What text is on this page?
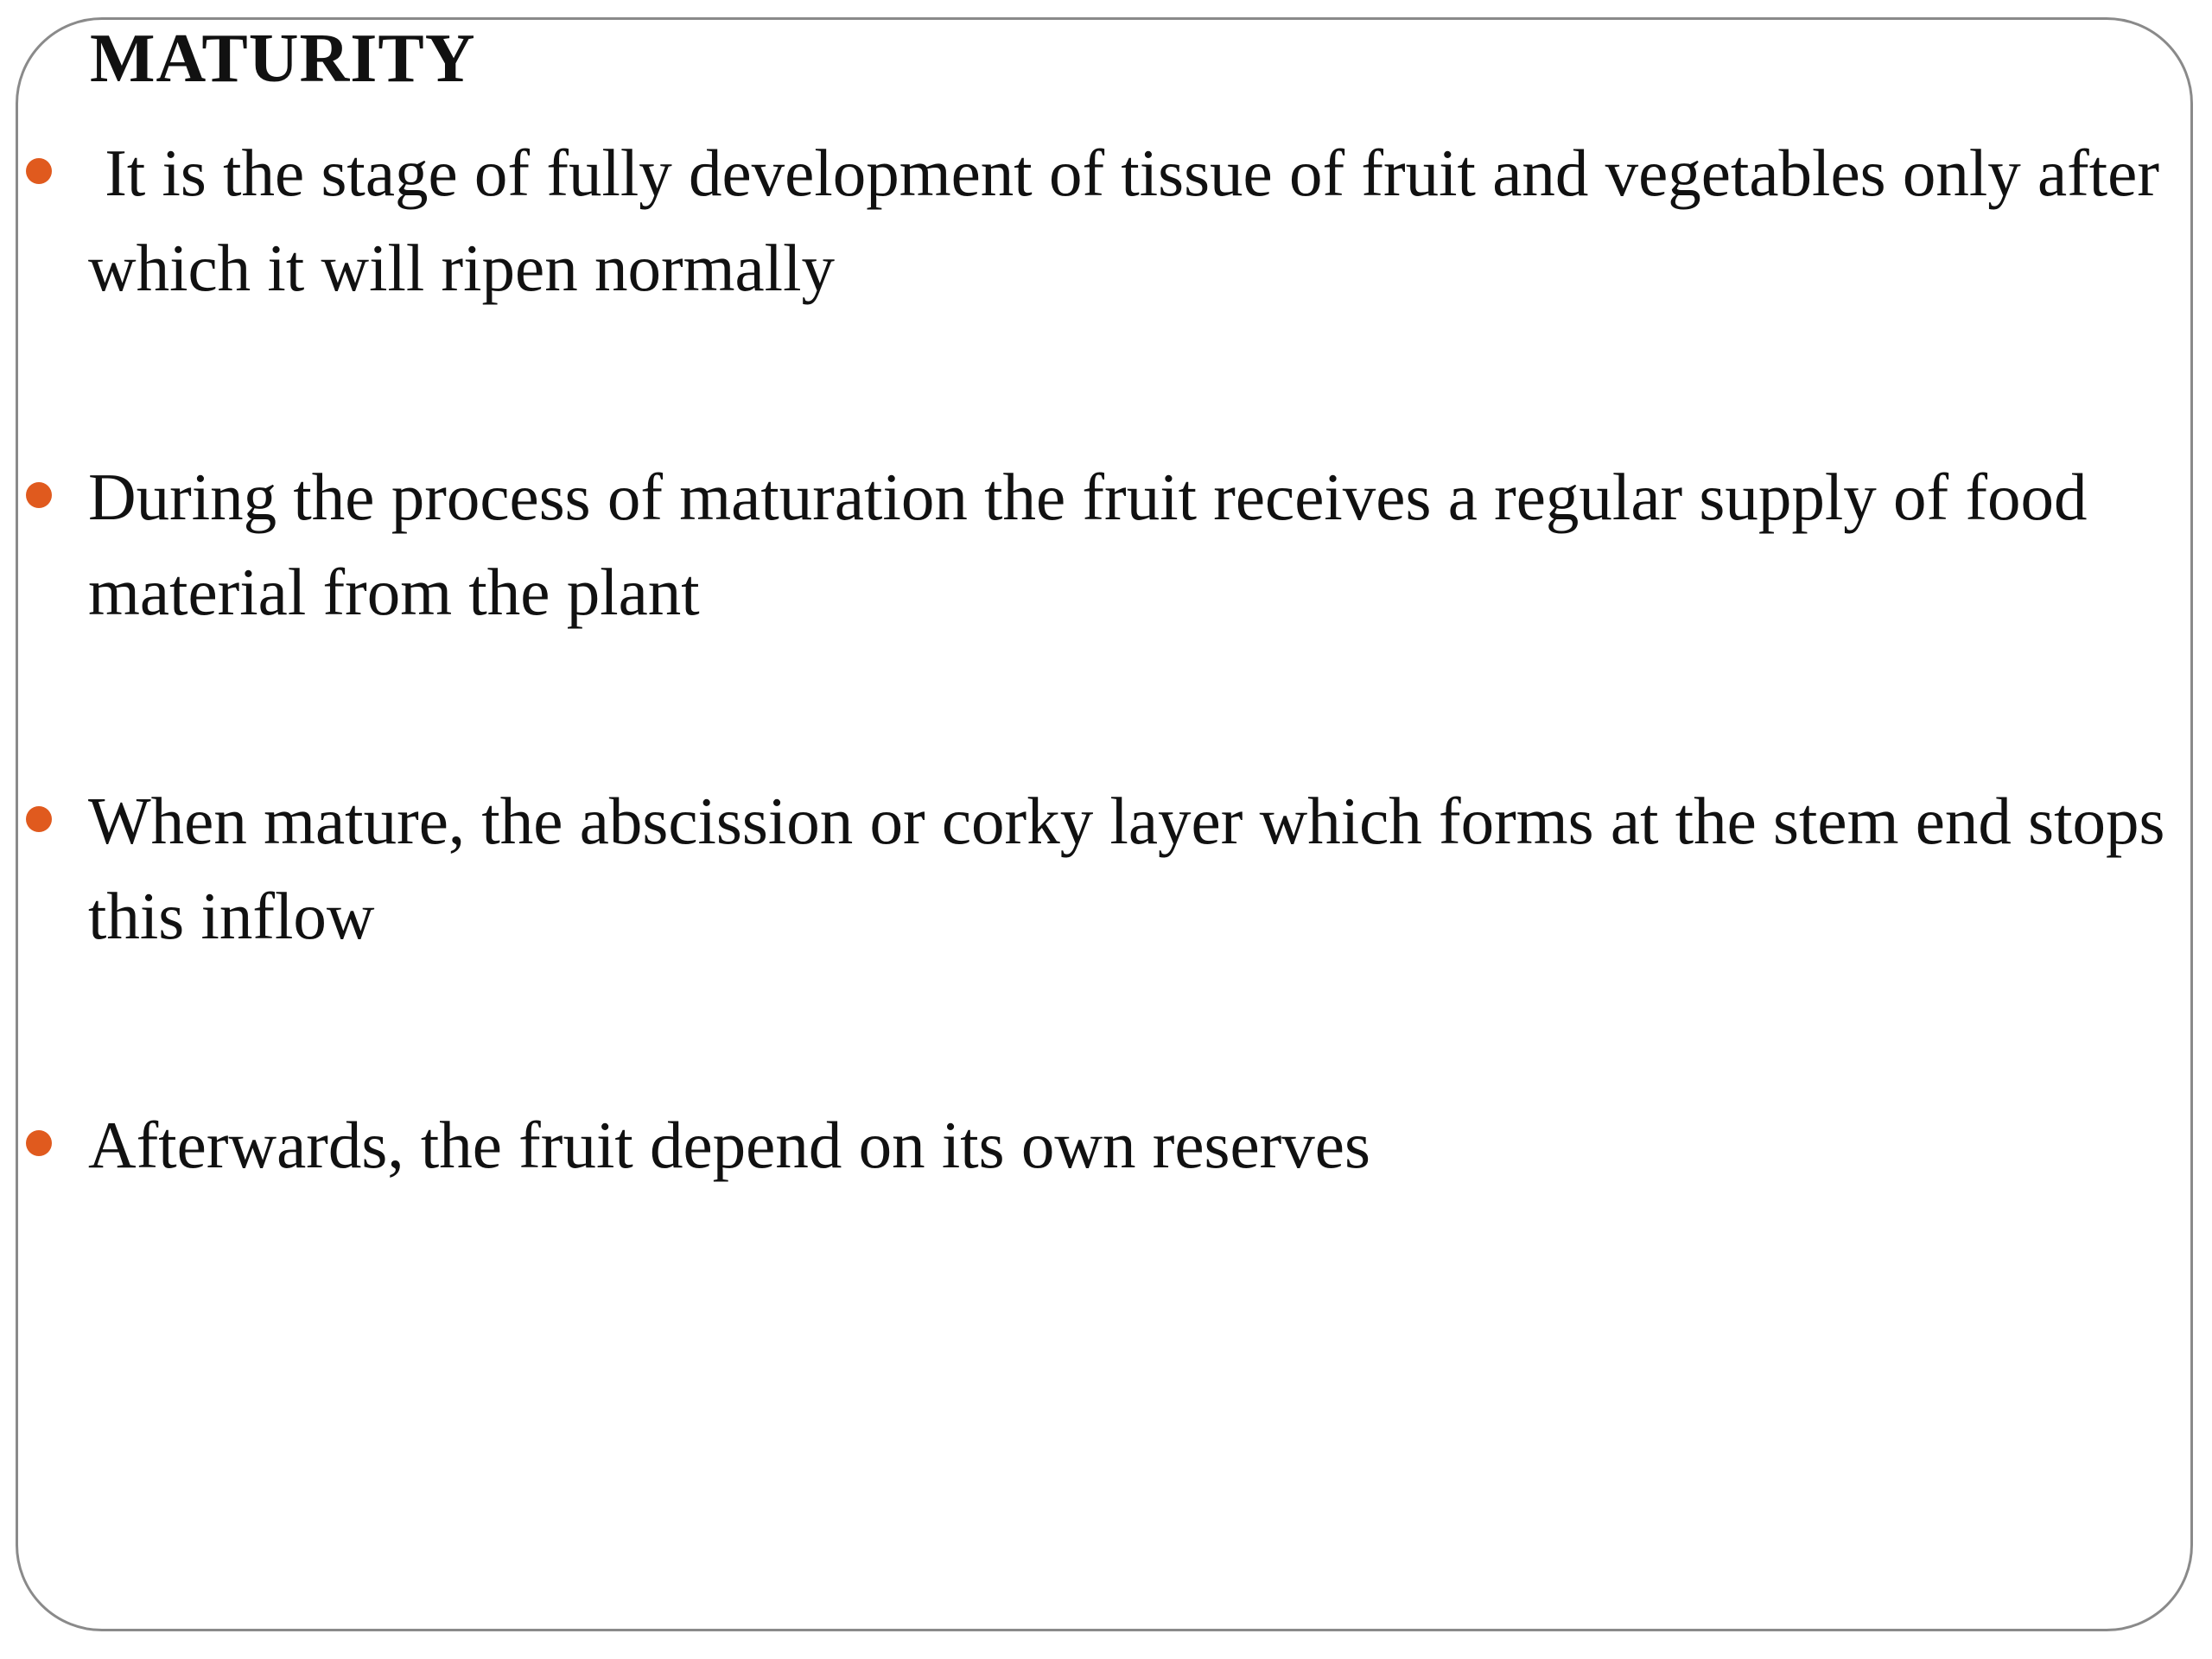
MATURITY
It is the stage of fully development of tissue of fruit and vegetables only after which it will ripen normally
During the process of maturation the fruit receives a regular supply of food material from the plant
When mature, the abscission or corky layer which forms at the stem end stops this inflow
Afterwards, the fruit depend on its own reserves
